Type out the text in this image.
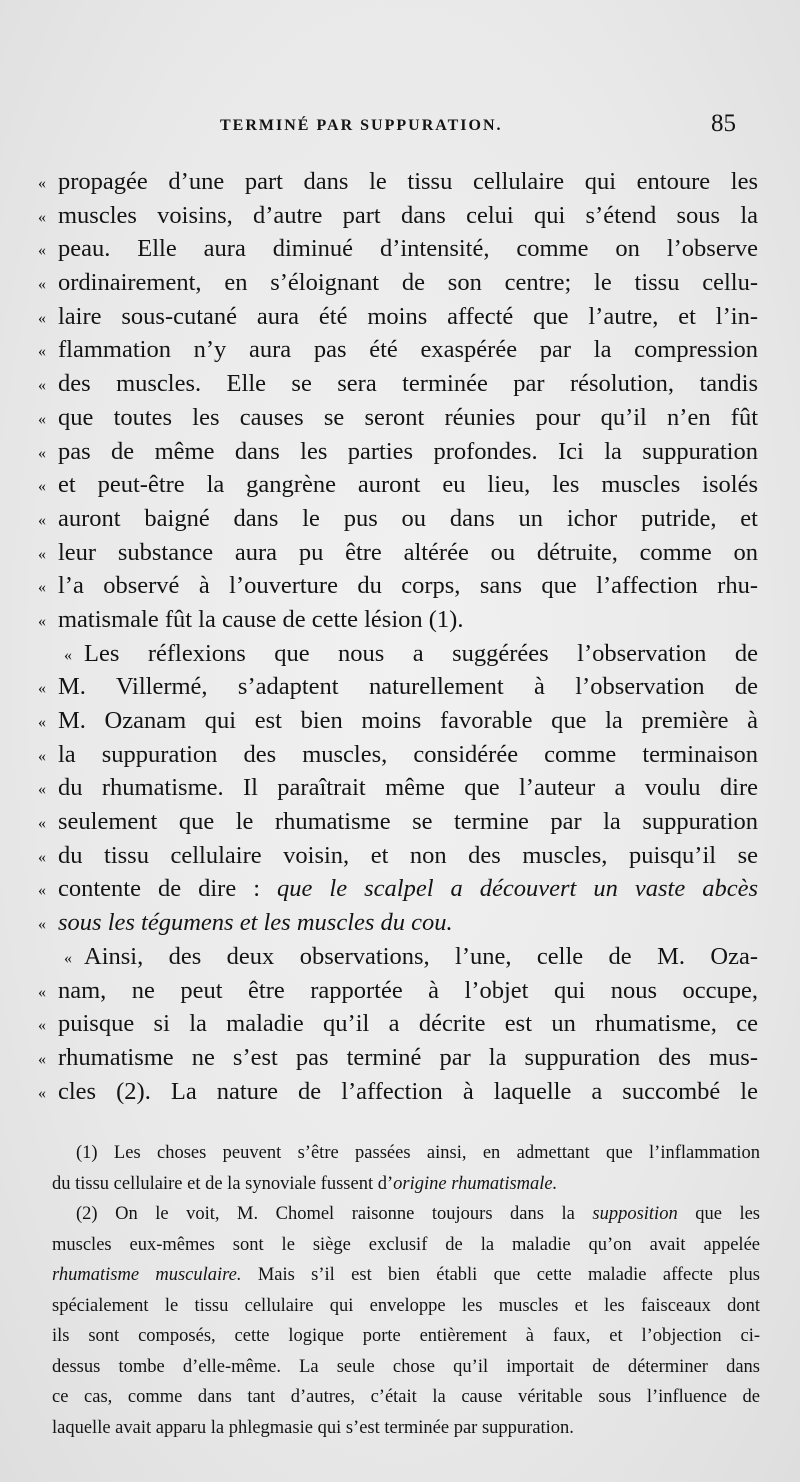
TERMINÉ PAR SUPPURATION.	85
« propagée d’une part dans le tissu cellulaire qui entoure les
« muscles voisins, d’autre part dans celui qui s’étend sous la
« peau. Elle aura diminué d’intensité, comme on l’observe
« ordinairement, en s’éloignant de son centre; le tissu cellu-
« laire sous-cutané aura été moins affecté que l’autre, et l’in-
« flammation n’y aura pas été exaspérée par la compression
« des muscles. Elle se sera terminée par résolution, tandis
« que toutes les causes se seront réunies pour qu’il n’en fût
« pas de même dans les parties profondes. Ici la suppuration
« et peut-être la gangrène auront eu lieu, les muscles isolés
« auront baigné dans le pus ou dans un ichor putride, et
« leur substance aura pu être altérée ou détruite, comme on
« l’a observé à l’ouverture du corps, sans que l’affection rhu-
« matismale fût la cause de cette lésion (1).
« Les réflexions que nous a suggérées l’observation de
« M. Villermé, s’adaptent naturellement à l’observation de
« M. Ozanam qui est bien moins favorable que la première à
« la suppuration des muscles, considérée comme terminaison
« du rhumatisme. Il paraîtrait même que l’auteur a voulu dire
« seulement que le rhumatisme se termine par la suppuration
« du tissu cellulaire voisin, et non des muscles, puisqu’il se
« contente de dire : que le scalpel a découvert un vaste abcès
« sous les tégumens et les muscles du cou.
« Ainsi, des deux observations, l’une, celle de M. Oza-
« nam, ne peut être rapportée à l’objet qui nous occupe,
« puisque si la maladie qu’il a décrite est un rhumatisme, ce
« rhumatisme ne s’est pas terminé par la suppuration des mus-
« cles (2). La nature de l’affection à laquelle a succombé le
(1) Les choses peuvent s’être passées ainsi, en admettant que l’inflammation
du tissu cellulaire et de la synoviale fussent d’origine rhumatismale.
(2) On le voit, M. Chomel raisonne toujours dans la supposition que les
muscles eux-mêmes sont le siège exclusif de la maladie qu’on avait appelée
rhumatisme musculaire. Mais s’il est bien établi que cette maladie affecte plus
spécialement le tissu cellulaire qui enveloppe les muscles et les faisceaux dont
ils sont composés, cette logique porte entièrement à faux, et l’objection ci-
dessus tombe d’elle-même. La seule chose qu’il importait de déterminer dans
ce cas, comme dans tant d’autres, c’était la cause véritable sous l’influence de
laquelle avait apparu la phlegmasie qui s’est terminée par suppuration.
